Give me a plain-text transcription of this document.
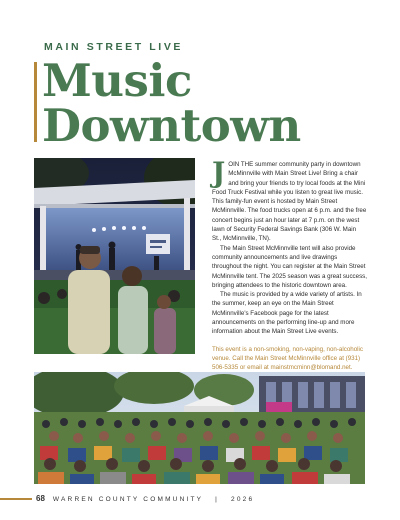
MAIN STREET LIVE
Music
Downtown

JOIN THE summer community party in downtown McMinnville with Main Street Live! Bring a chair and bring your friends to try local foods at the Mini Food Truck Festival while you listen to great live music. This family-fun event is hosted by Main Street McMinnville. The food trucks open at 6 p.m. and the free concert begins just an hour later at 7 p.m. on the west lawn of Security Federal Savings Bank (306 W. Main St., McMinnville, TN).

The Main Street McMinnville tent will also provide community announcements and live drawings throughout the night. You can register at the Main Street McMinnville tent. The 2025 season was a great success, bringing attendees to the historic downtown area.

The music is provided by a wide variety of artists. In the summer, keep an eye on the Main Street McMinnville's Facebook page for the latest announcements on the performing line-up and more information about the Main Street Live events.

This event is a non-smoking, non-vaping, non-alcoholic venue. Call the Main Street McMinnville office at (931) 506-5335 or email at mainstmcminn@blomand.net.

68 WARREN COUNTY COMMUNITY   |   2026
